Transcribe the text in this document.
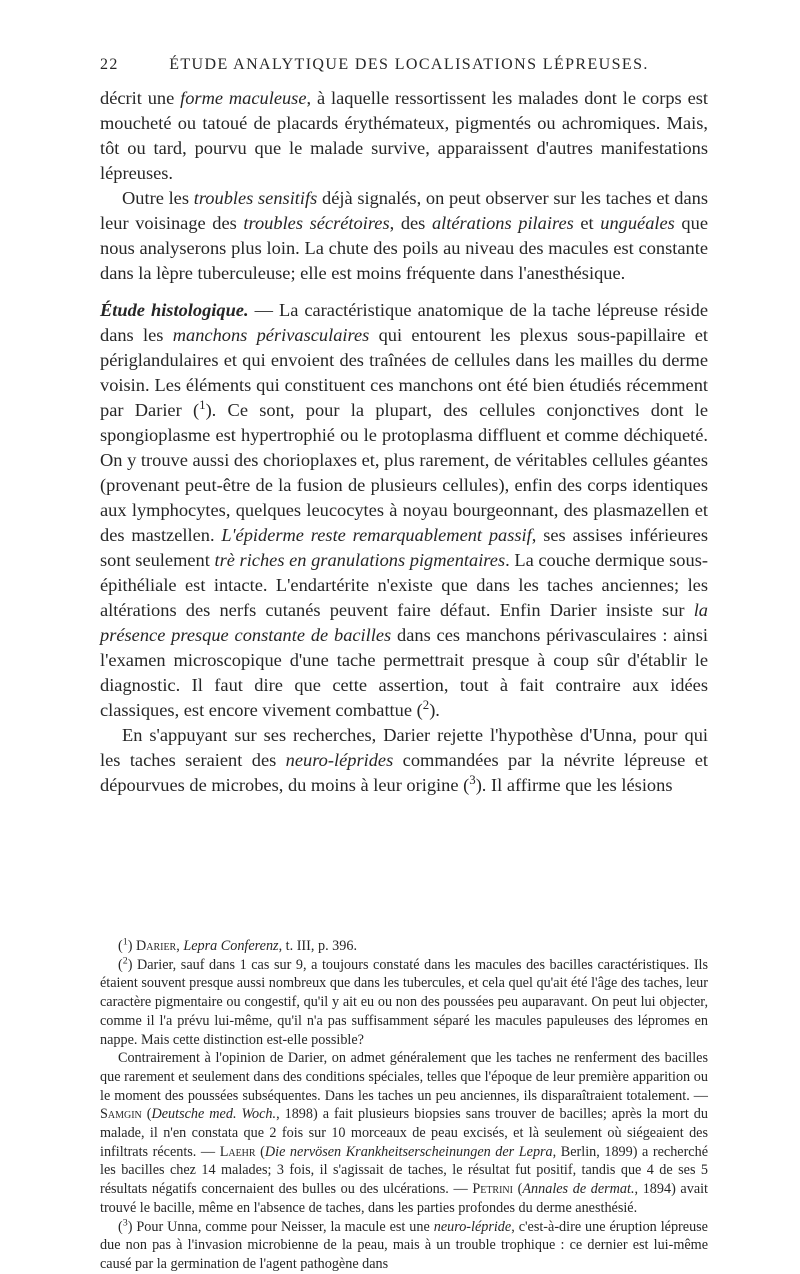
22	ÉTUDE ANALYTIQUE DES LOCALISATIONS LÉPREUSES.

décrit une forme maculeuse, à laquelle ressortissent les malades dont le corps est moucheté ou tatoué de placards érythémateux, pigmentés ou achromiques. Mais, tôt ou tard, pourvu que le malade survive, apparaissent d'autres manifestations lépreuses.

Outre les troubles sensitifs déjà signalés, on peut observer sur les taches et dans leur voisinage des troubles sécrétoires, des altérations pilaires et unguéales que nous analyserons plus loin. La chute des poils au niveau des macules est constante dans la lèpre tuberculeuse; elle est moins fréquente dans l'anesthésique.

Étude histologique. — La caractéristique anatomique de la tache lépreuse réside dans les manchons périvasculaires qui entourent les plexus sous-papillaire et périglandulaires et qui envoient des traînées de cellules dans les mailles du derme voisin. Les éléments qui constituent ces manchons ont été bien étudiés récemment par Darier ($^1$). Ce sont, pour la plupart, des cellules conjonctives dont le spongioplasme est hypertrophié ou le protoplasma diffluent et comme déchiqueté. On y trouve aussi des chorioplaxes et, plus rarement, de véritables cellules géantes (provenant peut-être de la fusion de plusieurs cellules), enfin des corps identiques aux lymphocytes, quelques leucocytes à noyau bourgeonnant, des plasmazellen et des mastzellen. L'épiderme reste remarquablement passif, ses assises inférieures sont seulement trè riches en granulations pigmentaires. La couche dermique sous-épithéliale est intacte. L'endartérite n'existe que dans les taches anciennes; les altérations des nerfs cutanés peuvent faire défaut. Enfin Darier insiste sur la présence presque constante de bacilles dans ces manchons périvasculaires : ainsi l'examen microscopique d'une tache permettrait presque à coup sûr d'établir le diagnostic. Il faut dire que cette assertion, tout à fait contraire aux idées classiques, est encore vivement combattue ($^2$).

En s'appuyant sur ses recherches, Darier rejette l'hypothèse d'Unna, pour qui les taches seraient des neuro-léprides commandées par la névrite lépreuse et dépourvues de microbes, du moins à leur origine ($^3$). Il affirme que les lésions

($^1$) Darier, Lepra Conferenz, t. III, p. 396.

($^2$) Darier, sauf dans 1 cas sur 9, a toujours constaté dans les macules des bacilles caractéristiques. Ils étaient souvent presque aussi nombreux que dans les tubercules, et cela quel qu'ait été l'âge des taches, leur caractère pigmentaire ou congestif, qu'il y ait eu ou non des poussées peu auparavant. On peut lui objecter, comme il l'a prévu lui-même, qu'il n'a pas suffisamment séparé les macules papuleuses des lépromes en nappe. Mais cette distinction est-elle possible?

Contrairement à l'opinion de Darier, on admet généralement que les taches ne renferment des bacilles que rarement et seulement dans des conditions spéciales, telles que l'époque de leur première apparition ou le moment des poussées subséquentes. Dans les taches un peu anciennes, ils disparaîtraient totalement. — Samgin (Deutsche med. Woch., 1898) a fait plusieurs biopsies sans trouver de bacilles; après la mort du malade, il n'en constata que 2 fois sur 10 morceaux de peau excisés, et là seulement où siégeaient des infiltrats récents. — Laehr (Die nervösen Krankheitserscheinungen der Lepra, Berlin, 1899) a recherché les bacilles chez 14 malades; 3 fois, il s'agissait de taches, le résultat fut positif, tandis que 4 de ses 5 résultats négatifs concernaient des bulles ou des ulcérations. — Petrini (Annales de dermat., 1894) avait trouvé le bacille, même en l'absence de taches, dans les parties profondes du derme anesthésié.

($^3$) Pour Unna, comme pour Neisser, la macule est une neuro-lépride, c'est-à-dire une éruption lépreuse due non pas à l'invasion microbienne de la peau, mais à un trouble trophique : ce dernier est lui-même causé par la germination de l'agent pathogène dans
